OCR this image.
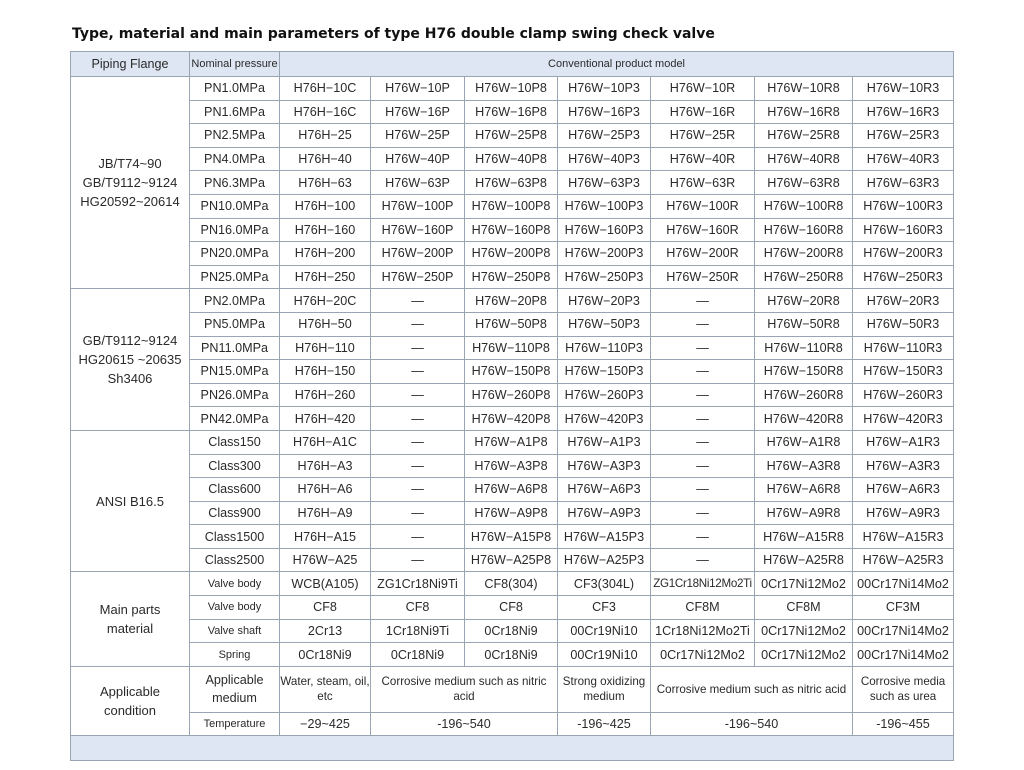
Type, material and main parameters of type H76 double clamp swing check valve
Piping Flange	Nominal pressure	Conventional product model						

JB/T74~90
GB/T9112~9124
HG20592~20614	PN1.0MPa	H76H−10C	H76W−10P	H76W−10P8	H76W−10P3	H76W−10R	H76W−10R8	H76W−10R3
	PN1.6MPa	H76H−16C	H76W−16P	H76W−16P8	H76W−16P3	H76W−16R	H76W−16R8	H76W−16R3
	PN2.5MPa	H76H−25	H76W−25P	H76W−25P8	H76W−25P3	H76W−25R	H76W−25R8	H76W−25R3
	PN4.0MPa	H76H−40	H76W−40P	H76W−40P8	H76W−40P3	H76W−40R	H76W−40R8	H76W−40R3
	PN6.3MPa	H76H−63	H76W−63P	H76W−63P8	H76W−63P3	H76W−63R	H76W−63R8	H76W−63R3
	PN10.0MPa	H76H−100	H76W−100P	H76W−100P8	H76W−100P3	H76W−100R	H76W−100R8	H76W−100R3
	PN16.0MPa	H76H−160	H76W−160P	H76W−160P8	H76W−160P3	H76W−160R	H76W−160R8	H76W−160R3
	PN20.0MPa	H76H−200	H76W−200P	H76W−200P8	H76W−200P3	H76W−200R	H76W−200R8	H76W−200R3
	PN25.0MPa	H76H−250	H76W−250P	H76W−250P8	H76W−250P3	H76W−250R	H76W−250R8	H76W−250R3

GB/T9112~9124
HG20615 ~20635
Sh3406	PN2.0MPa	H76H−20C	—	H76W−20P8	H76W−20P3	—	H76W−20R8	H76W−20R3
	PN5.0MPa	H76H−50	—	H76W−50P8	H76W−50P3	—	H76W−50R8	H76W−50R3
	PN11.0MPa	H76H−110	—	H76W−110P8	H76W−110P3	—	H76W−110R8	H76W−110R3
	PN15.0MPa	H76H−150	—	H76W−150P8	H76W−150P3	—	H76W−150R8	H76W−150R3
	PN26.0MPa	H76H−260	—	H76W−260P8	H76W−260P3	—	H76W−260R8	H76W−260R3
	PN42.0MPa	H76H−420	—	H76W−420P8	H76W−420P3	—	H76W−420R8	H76W−420R3

ANSI B16.5	Class150	H76H−A1C	—	H76W−A1P8	H76W−A1P3	—	H76W−A1R8	H76W−A1R3
	Class300	H76H−A3	—	H76W−A3P8	H76W−A3P3	—	H76W−A3R8	H76W−A3R3
	Class600	H76H−A6	—	H76W−A6P8	H76W−A6P3	—	H76W−A6R8	H76W−A6R3
	Class900	H76H−A9	—	H76W−A9P8	H76W−A9P3	—	H76W−A9R8	H76W−A9R3
	Class1500	H76H−A15	—	H76W−A15P8	H76W−A15P3	—	H76W−A15R8	H76W−A15R3
	Class2500	H76W−A25	—	H76W−A25P8	H76W−A25P3	—	H76W−A25R8	H76W−A25R3

Main parts
material	Valve body	WCB(A105)	ZG1Cr18Ni9Ti	CF8(304)	CF3(304L)	ZG1Cr18Ni12Mo2Ti	0Cr17Ni12Mo2	00Cr17Ni14Mo2
	Valve body	CF8	CF8	CF8	CF3	CF8M	CF8M	CF3M
	Valve shaft	2Cr13	1Cr18Ni9Ti	0Cr18Ni9	00Cr19Ni10	1Cr18Ni12Mo2Ti	0Cr17Ni12Mo2	00Cr17Ni14Mo2
	Spring	0Cr18Ni9	0Cr18Ni9	0Cr18Ni9	00Cr19Ni10	0Cr17Ni12Mo2	0Cr17Ni12Mo2	00Cr17Ni14Mo2

Applicable
condition	Applicable medium	Water, steam, oil, etc	Corrosive medium such as nitric acid		Strong oxidizing medium	Corrosive medium such as nitric acid		Corrosive media such as urea
	Temperature	−29~425	-196~540		-196~425	-196~540		-196~455
